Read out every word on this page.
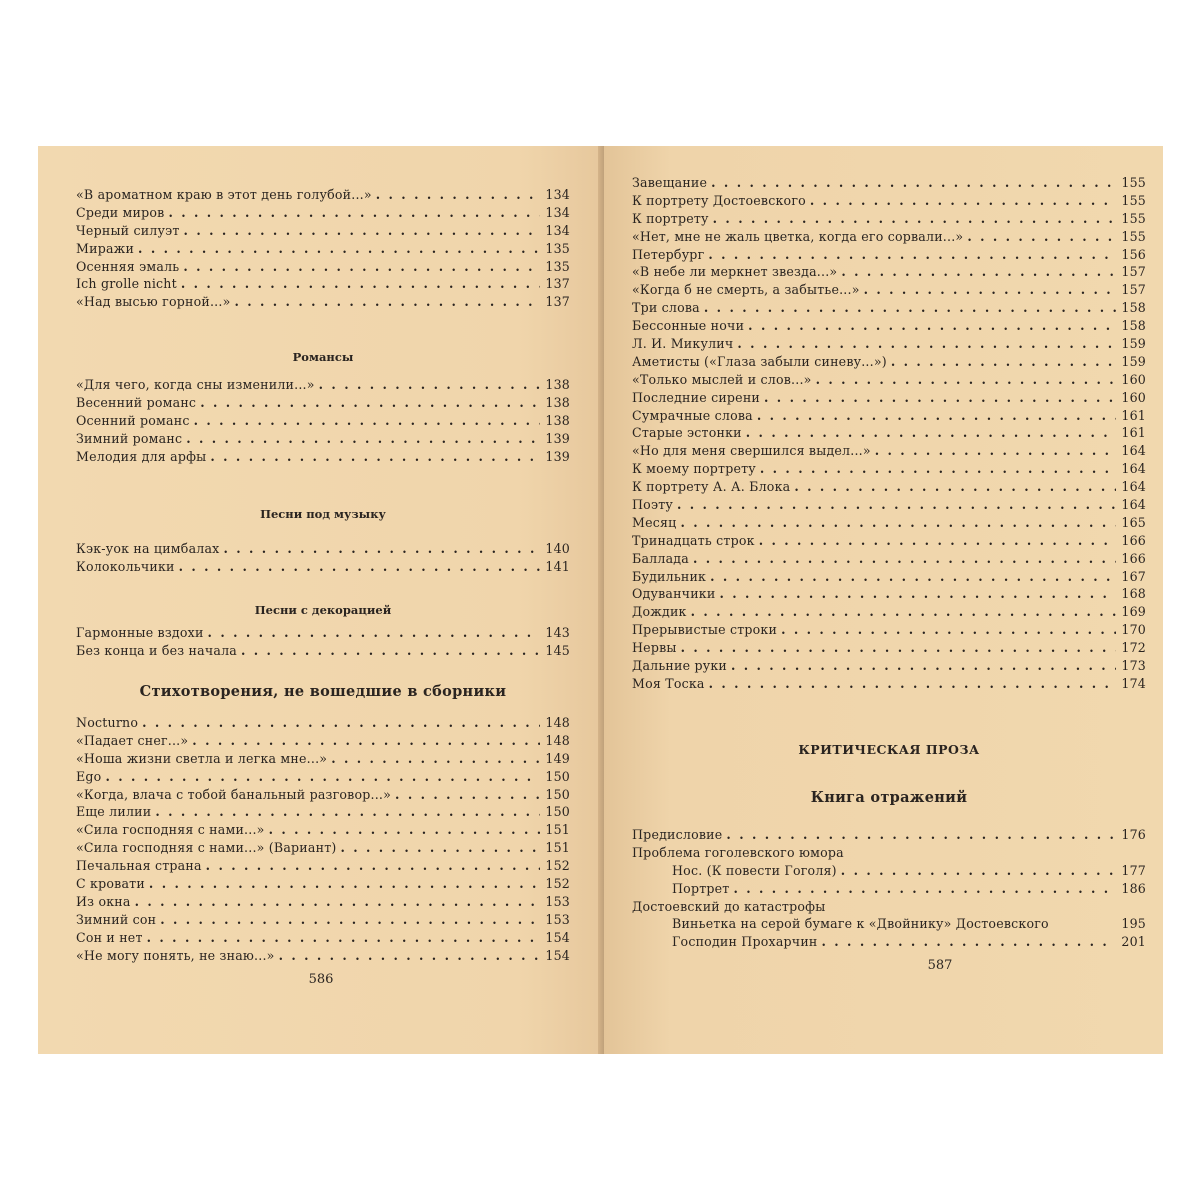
«В ароматном краю в этот день голубой...» . . .	134
Среди миров . . .	134
Черный силуэт . . .	134
Миражи . . .	135
Осенняя эмаль . . .	135
Ich grolle nicht . . .	137
«Над высью горной...» . . .	137
Романсы
«Для чего, когда сны изменили...» . . .	138
Весенний романс . . .	138
Осенний романс . . .	138
Зимний романс . . .	139
Мелодия для арфы . . .	139
Песни под музыку
Кэк-уок на цимбалах . . .	140
Колокольчики . . .	141
Песни с декорацией
Гармонные вздохи . . .	143
Без конца и без начала . . .	145
Стихотворения, не вошедшие в сборники
Nocturno . . .	148
«Падает снег...» . . .	148
«Ноша жизни светла и легка мне...» . . .	149
Ego . . .	150
«Когда, влача с тобой банальный разговор...» . . .	150
Еще лилии . . .	150
«Сила господняя с нами...» . . .	151
«Сила господняя с нами...» (Вариант) . . .	151
Печальная страна . . .	152
С кровати . . .	152
Из окна . . .	153
Зимний сон . . .	153
Сон и нет . . .	154
«Не могу понять, не знаю...» . . .	154
586
Завещание . . .	155
К портрету Достоевского . . .	155
К портрету . . .	155
«Нет, мне не жаль цветка, когда его сорвали...» . . .	155
Петербург . . .	156
«В небе ли меркнет звезда...» . . .	157
«Когда б не смерть, а забытье...» . . .	157
Три слова . . .	158
Бессонные ночи . . .	158
Л. И. Микулич . . .	159
Аметисты («Глаза забыли синеву...») . . .	159
«Только мыслей и слов...» . . .	160
Последние сирени . . .	160
Сумрачные слова . . .	161
Старые эстонки . . .	161
«Но для меня свершился выдел...» . . .	164
К моему портрету . . .	164
К портрету А. А. Блока . . .	164
Поэту . . .	164
Месяц . . .	165
Тринадцать строк . . .	166
Баллада . . .	166
Будильник . . .	167
Одуванчики . . .	168
Дождик . . .	169
Прерывистые строки . . .	170
Нервы . . .	172
Дальние руки . . .	173
Моя Тоска . . .	174
КРИТИЧЕСКАЯ ПРОЗА
Книга отражений
Предисловие . . .	176
Проблема гоголевского юмора
Нос. (К повести Гоголя) . . .	177
Портрет . . .	186
Достоевский до катастрофы
Виньетка на серой бумаге к «Двойнику» Достоевского	195
Господин Прохарчин . . .	201
587
